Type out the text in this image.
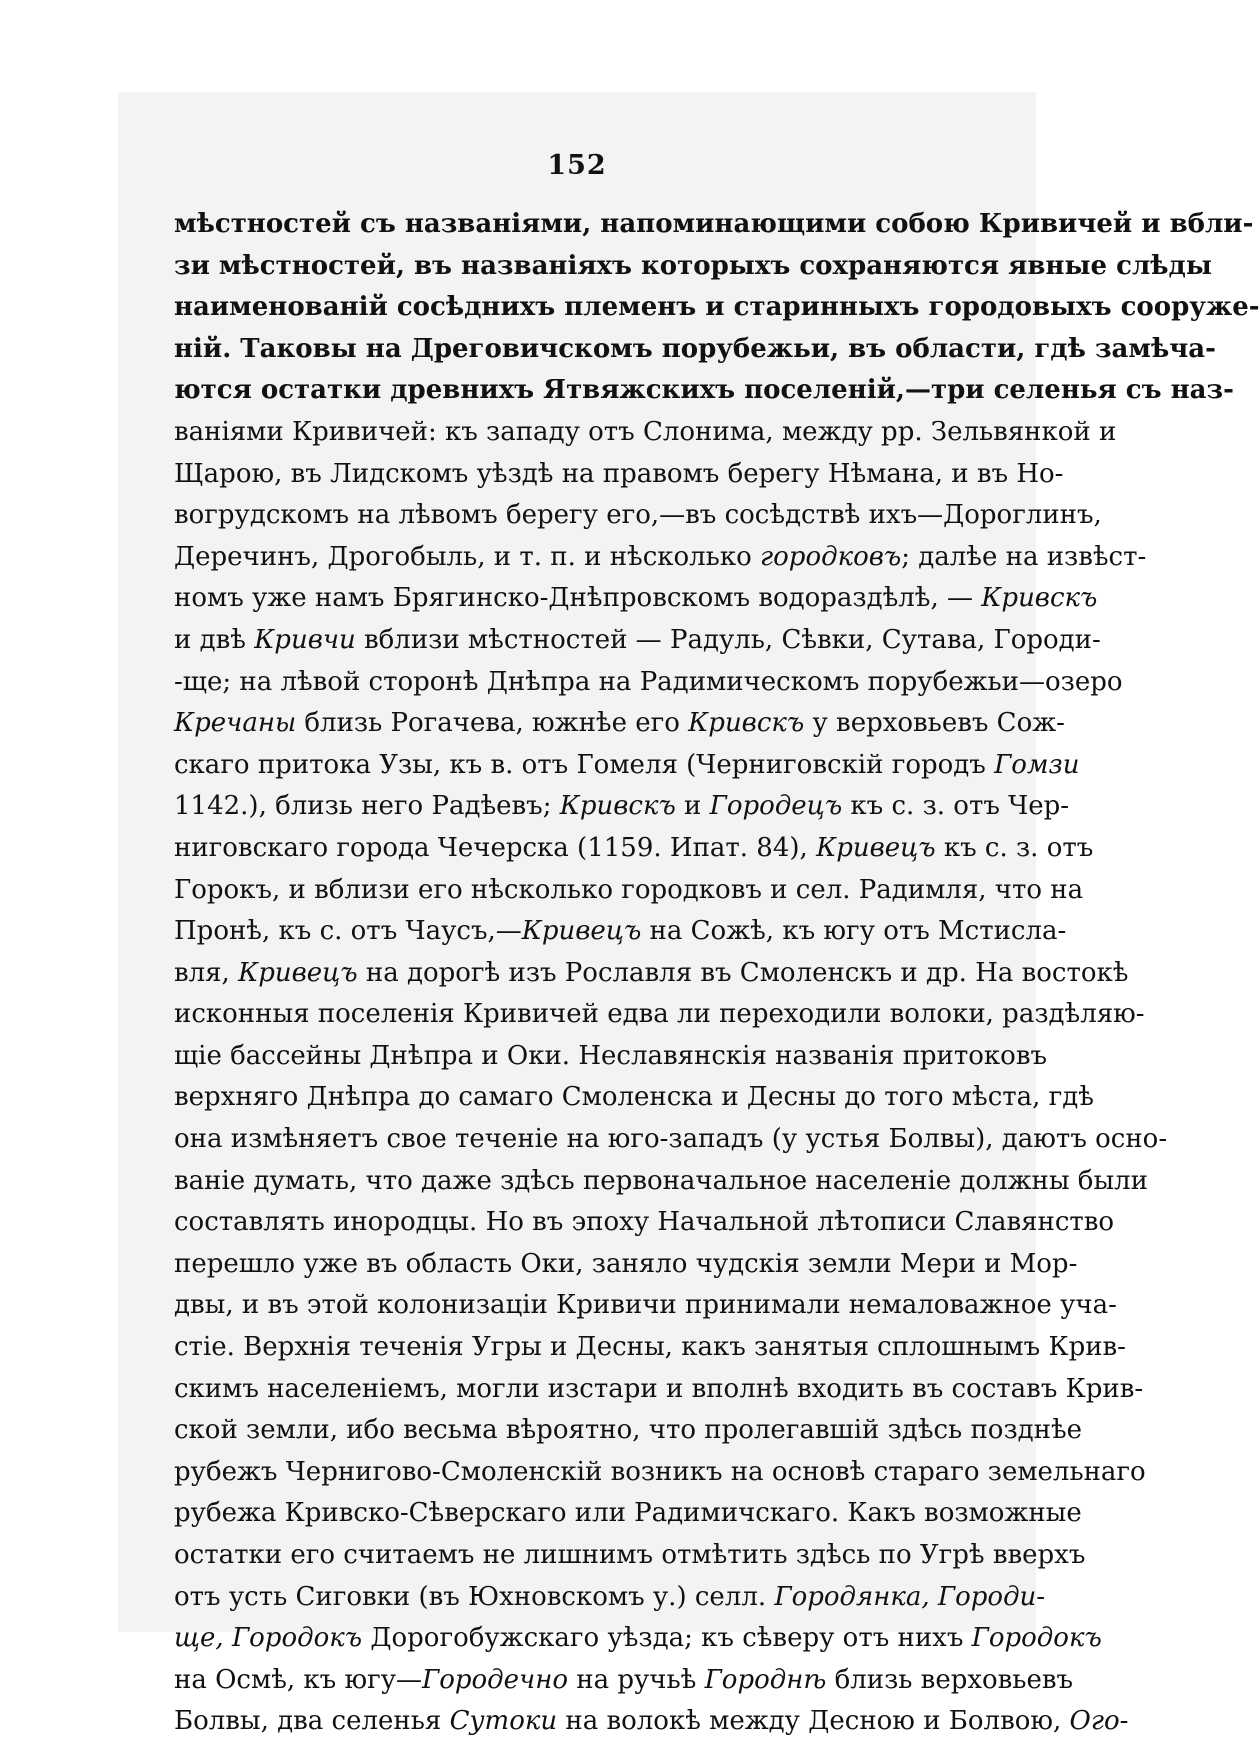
152
мѣстностей съ названіями, напоминающими собою Кривичей и вбли-
зи мѣстностей, въ названіяхъ которыхъ сохраняются явные слѣды
наименованій сосѣднихъ племенъ и старинныхъ городовыхъ сооруже-
ній. Таковы на Дреговичскомъ порубежьи, въ области, гдѣ замѣча-
ются остатки древнихъ Ятвяжскихъ поселеній,—три селенья съ наз-
ваніями Кривичей: къ западу отъ Слонима, между рр. Зельвянкой и
Щарою, въ Лидскомъ уѣздѣ на правомъ берегу Нѣмана, и въ Но-
вогрудскомъ на лѣвомъ берегу его,—въ сосѣдствѣ ихъ—Дороглинъ,
Деречинъ, Дрогобыль, и т. п. и нѣсколько городковъ; далѣе на извѣст-
номъ уже намъ Брягинско-Днѣпровскомъ водораздѣлѣ, — Кривскъ
и двѣ Кривчи вблизи мѣстностей — Радуль, Сѣвки, Сутава, Городи-
-ще; на лѣвой сторонѣ Днѣпра на Радимическомъ порубежьи—озеро
Кречаны близь Рогачева, южнѣе его Кривскъ у верховьевъ Сож-
скаго притока Узы, къ в. отъ Гомеля (Черниговскій городъ Гомзи
1142.), близь него Радѣевъ; Кривскъ и Городецъ къ с. з. отъ Чер-
ниговскаго города Чечерска (1159. Ипат. 84), Кривецъ къ с. з. отъ
Горокъ, и вблизи его нѣсколько городковъ и сел. Радимля, что на
Пронѣ, къ с. отъ Чаусъ,—Кривецъ на Сожѣ, къ югу отъ Мстисла-
вля, Кривецъ на дорогѣ изъ Рославля въ Смоленскъ и др. На востокѣ
исконныя поселенія Кривичей едва ли переходили волоки, раздѣляю-
щіе бассейны Днѣпра и Оки. Неславянскія названія притоковъ
верхняго Днѣпра до самаго Смоленска и Десны до того мѣста, гдѣ
она измѣняетъ свое теченіе на юго-западъ (у устья Болвы), даютъ осно-
ваніе думать, что даже здѣсь первоначальное населеніе должны были
составлять инородцы. Но въ эпоху Начальной лѣтописи Славянство
перешло уже въ область Оки, заняло чудскія земли Мери и Мор-
двы, и въ этой колонизаціи Кривичи принимали немаловажное уча-
стіе. Верхнія теченія Угры и Десны, какъ занятыя сплошнымъ Крив-
скимъ населеніемъ, могли изстари и вполнѣ входить въ составъ Крив-
ской земли, ибо весьма вѣроятно, что пролегавшій здѣсь позднѣе
рубежъ Черниговo-Смоленскій возникъ на основѣ стараго земельнаго
рубежа Кривско-Сѣверскаго или Радимичскаго. Какъ возможные
остатки его считаемъ не лишнимъ отмѣтить здѣсь по Угрѣ вверхъ
отъ усть Сиговки (въ Юхновскомъ у.) селл. Городянка, Городи-
ще, Городокъ Дорогобужскаго уѣзда; къ сѣверу отъ нихъ Городокъ
на Осмѣ, къ югу—Городечно на ручьѣ Городнѣ близь верховьевъ
Болвы, два селенья Сутоки на волокѣ между Десною и Болвою, Ого-
